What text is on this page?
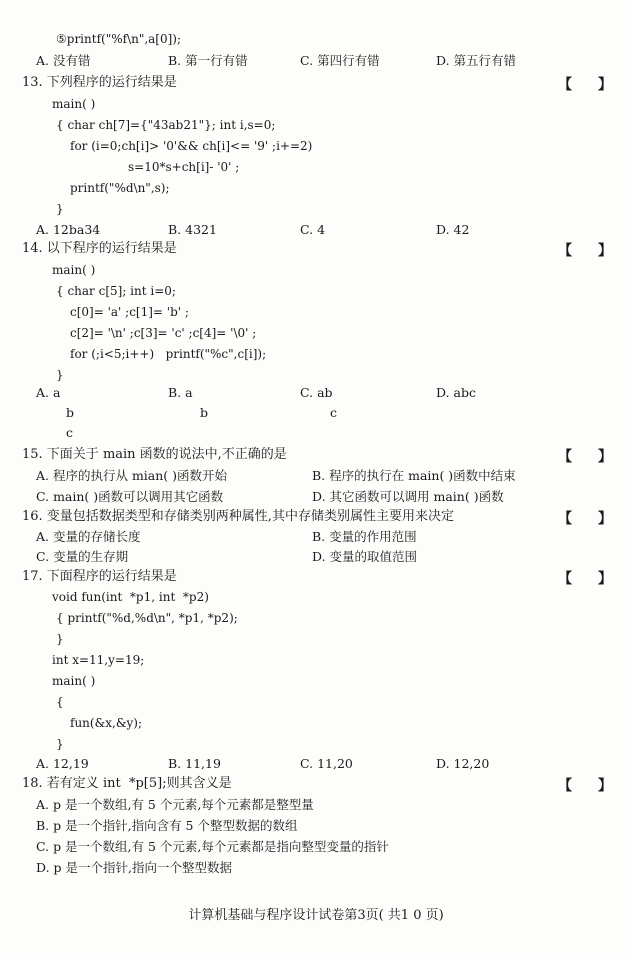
⑤printf("%f\n",a[0]);
A. 没有错	B. 第一行有错	C. 第四行有错	D. 第五行有错
13. 下列程序的运行结果是	【 】
main( )
{ char ch[7]={"43ab21"}; int i,s=0;
for (i=0;ch[i]> '0'&& ch[i]<= '9' ;i+=2)
s=10*s+ch[i]- '0' ;
printf("%d\n",s);
}
A. 12ba34	B. 4321	C. 4	D. 42
14. 以下程序的运行结果是	【 】
main( )
{ char c[5]; int i=0;
c[0]= 'a' ;c[1]= 'b' ;
c[2]= '\n' ;c[3]= 'c' ;c[4]= '\0' ;
for (;i<5;i++)   printf("%c",c[i]);
}
A. a	B. a	C. ab	D. abc
b	b	c
c
15. 下面关于 main 函数的说法中,不正确的是	【 】
A. 程序的执行从 mian( )函数开始	B. 程序的执行在 main( )函数中结束
C. main( )函数可以调用其它函数	D. 其它函数可以调用 main( )函数
16. 变量包括数据类型和存储类别两种属性,其中存储类别属性主要用来决定	【 】
A. 变量的存储长度	B. 变量的作用范围
C. 变量的生存期	D. 变量的取值范围
17. 下面程序的运行结果是	【 】
void fun(int  *p1, int  *p2)
{ printf("%d,%d\n", *p1, *p2);
}
int x=11,y=19;
main( )
{
fun(&x,&y);
}
A. 12,19	B. 11,19	C. 11,20	D. 12,20
18. 若有定义 int  *p[5];则其含义是	【 】
A. p 是一个数组,有 5 个元素,每个元素都是整型量
B. p 是一个指针,指向含有 5 个整型数据的数组
C. p 是一个数组,有 5 个元素,每个元素都是指向整型变量的指针
D. p 是一个指针,指向一个整型数据
计算机基础与程序设计试卷第3页( 共1 0 页)
